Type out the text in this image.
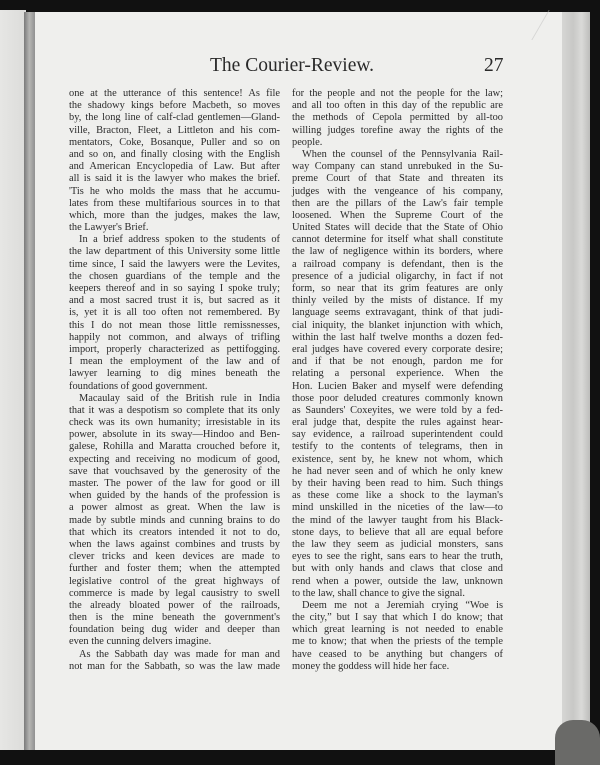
The Courier-Review.	27
one at the utterance of this sentence! As file
the shadowy kings before Macbeth, so moves
by, the long line of calf-clad gentlemen—Gland-
ville, Bracton, Fleet, a Littleton and his com-
mentators, Coke, Bosanque, Puller and so on
and so on, and finally closing with the English
and American Encyclopedia of Law. But after
all is said it is the lawyer who makes the brief.
'Tis he who molds the mass that he accumu-
lates from these multifarious sources in to that
which, more than the judges, makes the law,
the Lawyer's Brief.
In a brief address spoken to the students of
the law department of this University some little
time since, I said the lawyers were the Levites,
the chosen guardians of the temple and the
keepers thereof and in so saying I spoke truly;
and a most sacred trust it is, but sacred as it
is, yet it is all too often not remembered. By
this I do not mean those little remissnesses,
happily not common, and always of trifling
import, properly characterized as pettifogging.
I mean the employment of the law and of
lawyer learning to dig mines beneath the
foundations of good government.
Macaulay said of the British rule in India
that it was a despotism so complete that its only
check was its own humanity; irresistable in its
power, absolute in its sway—Hindoo and Ben-
galese, Rohilla and Maratta crouched before it,
expecting and receiving no modicum of good,
save that vouchsaved by the generosity of the
master. The power of the law for good or ill
when guided by the hands of the profession is
a power almost as great. When the law is
made by subtle minds and cunning brains to do
that which its creators intended it not to do,
when the laws against combines and trusts by
clever tricks and keen devices are made to
further and foster them; when the attempted
legislative control of the great highways of
commerce is made by legal causistry to swell
the already bloated power of the railroads,
then is the mine beneath the government's
foundation being dug wider and deeper than
even the cunning delvers imagine.
As the Sabbath day was made for man and
not man for the Sabbath, so was the law made
for the people and not the people for the law;
and all too often in this day of the republic are
the methods of Cepola permitted by all-too
willing judges torefine away the rights of the
people.
When the counsel of the Pennsylvania Rail-
way Company can stand unrebuked in the Su-
preme Court of that State and threaten its
judges with the vengeance of his company,
then are the pillars of the Law's fair temple
loosened. When the Supreme Court of the
United States will decide that the State of Ohio
cannot determine for itself what shall constitute
the law of negligence within its borders, where
a railroad company is defendant, then is the
presence of a judicial oligarchy, in fact if not
form, so near that its grim features are only
thinly veiled by the mists of distance. If my
language seems extravagant, think of that judi-
cial iniquity, the blanket injunction with which,
within the last half twelve months a dozen fed-
eral judges have covered every corporate desire;
and if that be not enough, pardon me for
relating a personal experience. When the
Hon. Lucien Baker and myself were defending
those poor deluded creatures commonly known
as Saunders' Coxeyites, we were told by a fed-
eral judge that, despite the rules against hear-
say evidence, a railroad superintendent could
testify to the contents of telegrams, then in
existence, sent by, he knew not whom, which
he had never seen and of which he only knew
by their having been read to him. Such things
as these come like a shock to the layman's
mind unskilled in the niceties of the law—to
the mind of the lawyer taught from his Black-
stone days, to believe that all are equal before
the law they seem as judicial monsters, sans
eyes to see the right, sans ears to hear the truth,
but with only hands and claws that close and
rend when a power, outside the law, unknown
to the law, shall chance to give the signal.
Deem me not a Jeremiah crying “Woe is
the city,” but I say that which I do know; that
which great learning is not needed to enable
me to know; that when the priests of the temple
have ceased to be anything but changers of
money the goddess will hide her face.
